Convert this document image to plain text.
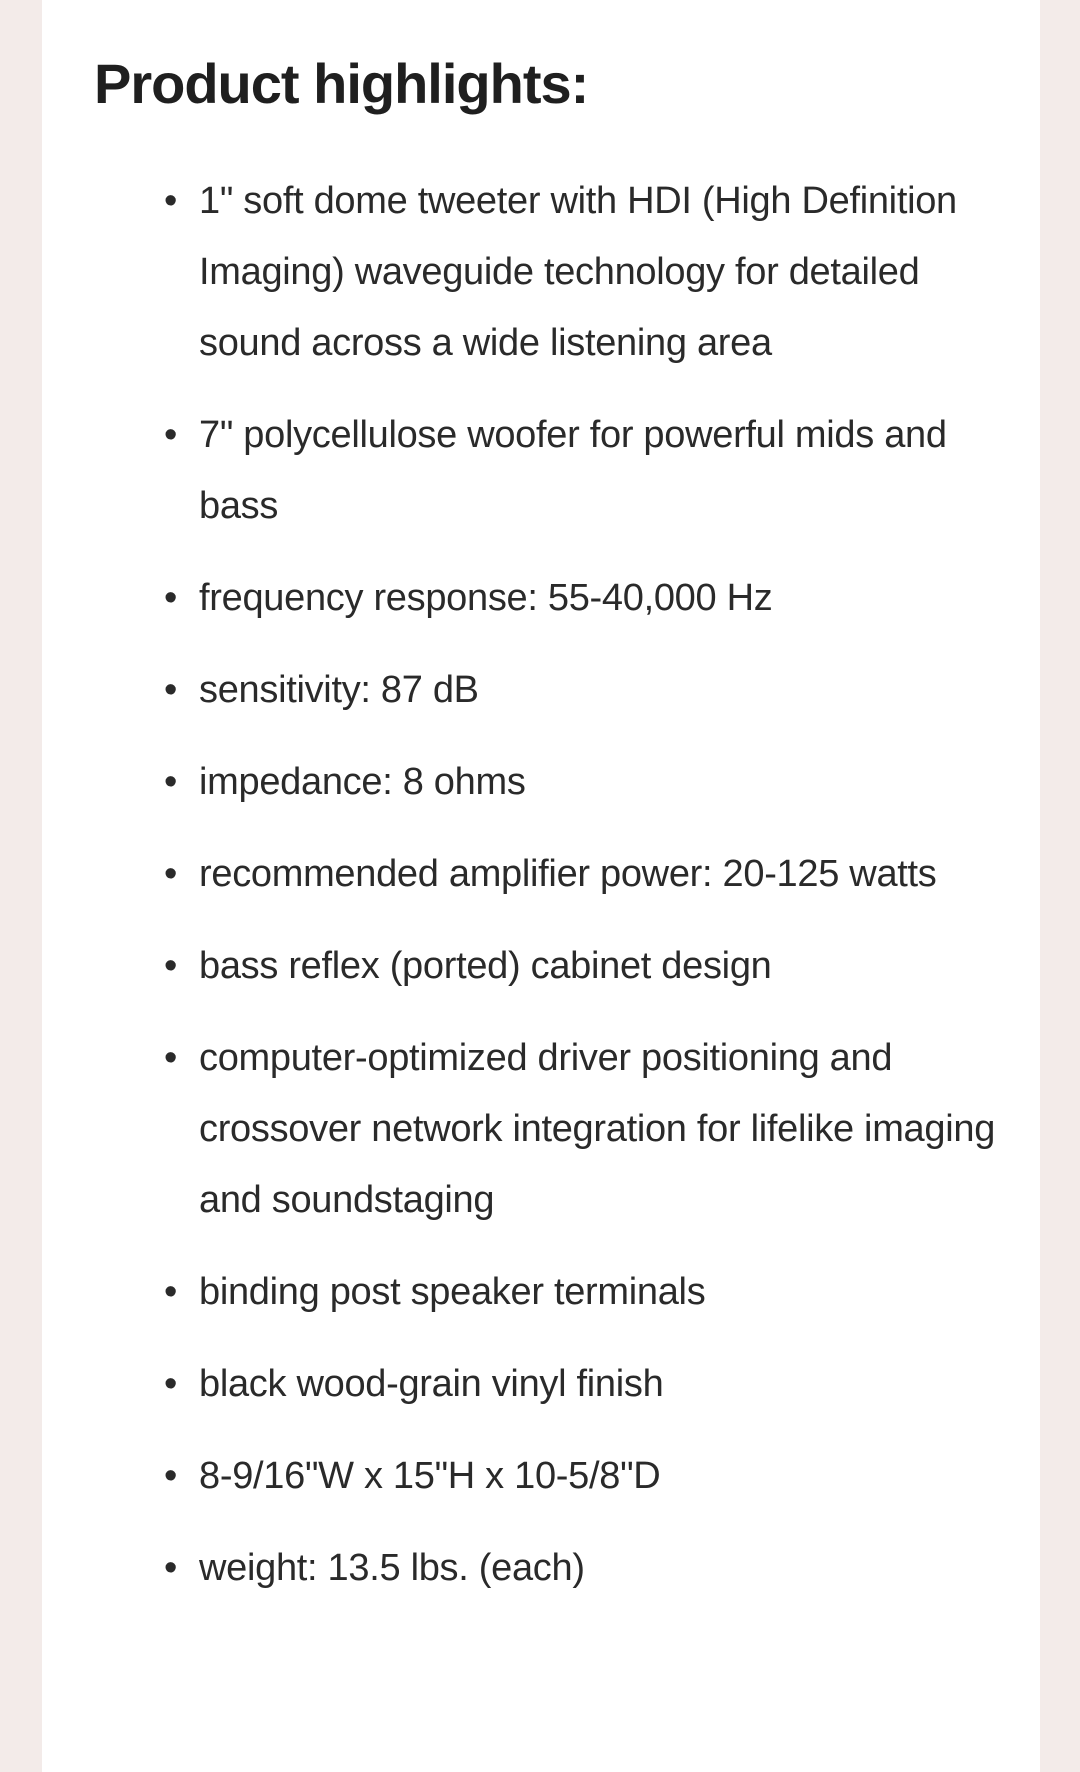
Product highlights:
• 1" soft dome tweeter with HDI (High Definition Imaging) waveguide technology for detailed sound across a wide listening area
• 7" polycellulose woofer for powerful mids and bass
• frequency response: 55-40,000 Hz
• sensitivity: 87 dB
• impedance: 8 ohms
• recommended amplifier power: 20-125 watts
• bass reflex (ported) cabinet design
• computer-optimized driver positioning and crossover network integration for lifelike imaging and soundstaging
• binding post speaker terminals
• black wood-grain vinyl finish
• 8-9/16"W x 15"H x 10-5/8"D
• weight: 13.5 lbs. (each)
